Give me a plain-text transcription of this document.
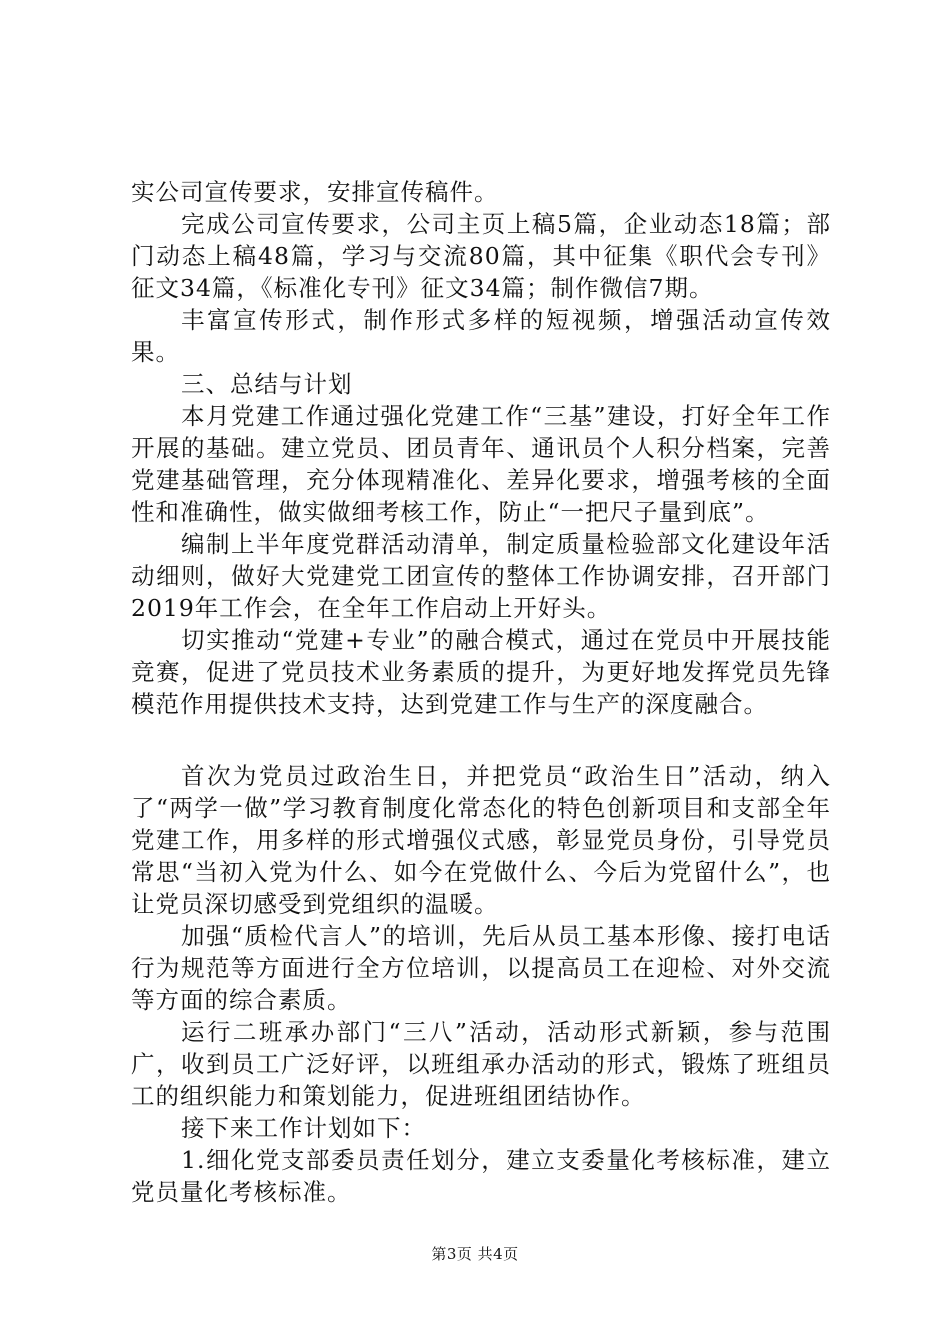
实公司宣传要求，安排宣传稿件。

完成公司宣传要求，公司主页上稿5篇，企业动态18篇；部门动态上稿48篇，学习与交流80篇，其中征集《职代会专刊》征文34篇，《标准化专刊》征文34篇；制作微信7期。

丰富宣传形式，制作形式多样的短视频，增强活动宣传效果。

三、总结与计划

本月党建工作通过强化党建工作“三基”建设，打好全年工作开展的基础。建立党员、团员青年、通讯员个人积分档案，完善党建基础管理，充分体现精准化、差异化要求，增强考核的全面性和准确性，做实做细考核工作，防止“一把尺子量到底”。

编制上半年度党群活动清单，制定质量检验部文化建设年活动细则，做好大党建党工团宣传的整体工作协调安排，召开部门2019年工作会，在全年工作启动上开好头。

切实推动“党建+专业”的融合模式，通过在党员中开展技能竞赛，促进了党员技术业务素质的提升，为更好地发挥党员先锋模范作用提供技术支持，达到党建工作与生产的深度融合。

首次为党员过政治生日，并把党员“政治生日”活动，纳入了“两学一做”学习教育制度化常态化的特色创新项目和支部全年党建工作，用多样的形式增强仪式感，彰显党员身份，引导党员常思“当初入党为什么、如今在党做什么、今后为党留什么”，也让党员深切感受到党组织的温暖。

加强“质检代言人”的培训，先后从员工基本形像、接打电话行为规范等方面进行全方位培训，以提高员工在迎检、对外交流等方面的综合素质。

运行二班承办部门“三八”活动，活动形式新颖，参与范围广，收到员工广泛好评，以班组承办活动的形式，锻炼了班组员工的组织能力和策划能力，促进班组团结协作。

接下来工作计划如下：

1.细化党支部委员责任划分，建立支委量化考核标准，建立党员量化考核标准。

第3页 共4页
